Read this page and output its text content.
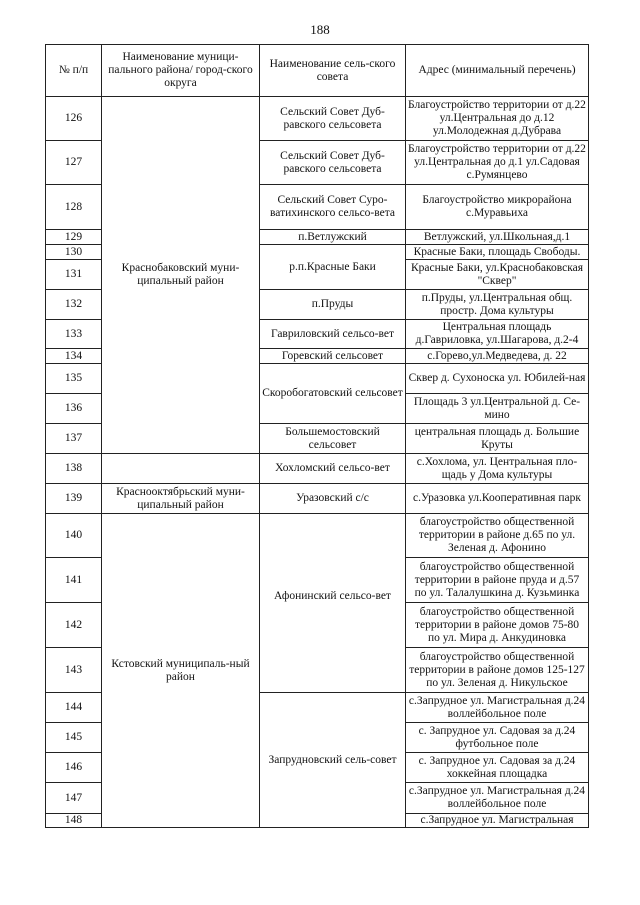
188
№ п/п	Наименование муници-пального района/ город-ского округа	Наименование сель-ского совета	Адрес (минимальный перечень)
126	Краснобаковский муни-ципальный район	Сельский Совет Дуб-равского сельсовета	Благоустройство территории от д.22 ул.Центральная до д.12 ул.Молодежная д.Дубрава
127		Сельский Совет Дуб-равского сельсовета	Благоустройство территории от д.22 ул.Центральная до д.1 ул.Садовая с.Румянцево
128		Сельский Совет Суро-ватихинского сельсо-вета	Благоустройство микрорайона с.Муравьиха
129		п.Ветлужский	Ветлужский, ул.Школьная,д.1
130		р.п.Красные Баки	Красные Баки, площадь Свободы.
131			Красные Баки, ул.Краснобаковская "Сквер"
132		п.Пруды	п.Пруды, ул.Центральная общ. простр. Дома культуры
133		Гавриловский сельсо-вет	Центральная площадь д.Гавриловка, ул.Шагарова, д.2-4
134		Горевский сельсовет	с.Горево,ул.Медведева, д. 22
135		Скоробогатовский сельсовет	Сквер д. Сухоноска ул. Юбилей-ная
136			Площадь 3 ул.Центральной д. Се-мино
137		Большемостовский сельсовет	центральная площадь д. Большие Круты
138		Хохломский сельсо-вет	с.Хохлома, ул. Центральная пло-щадь у Дома культуры
139	Краснооктябрьский муни-ципальный район	Уразовский с/с	с.Уразовка ул.Кооперативная парк
140	Кстовский муниципаль-ный район	Афонинский сельсо-вет	благоустройство общественной территории в районе д.65 по ул. Зеленая д. Афонино
141			благоустройство общественной территории в районе пруда и д.57 по ул. Талалушкина д. Кузьминка
142			благоустройство общественной территории в районе домов 75-80 по ул. Мира д. Анкудиновка
143			благоустройство общественной территории в районе домов 125-127 по ул. Зеленая д. Никульское
144		Запрудновский сель-совет	с.Запрудное ул. Магистральная д.24 воллейбольное поле
145			с. Запрудное ул. Садовая за д.24 футбольное поле
146			с. Запрудное ул. Садовая за д.24 хоккейная площадка
147			с.Запрудное ул. Магистральная д.24 воллейбольное поле
148			с.Запрудное ул. Магистральная
